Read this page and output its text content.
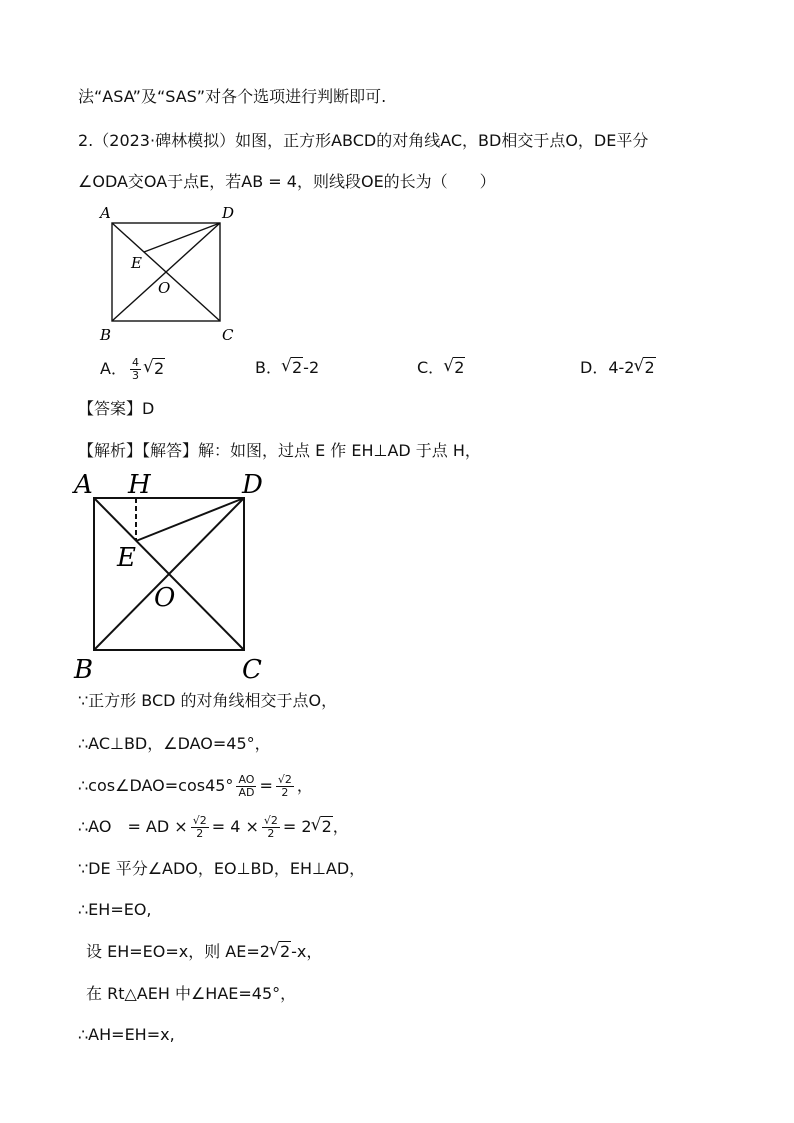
法“ASA”及“SAS”对各个选项进行判断即可.
2.（2023·碑林模拟）如图，正方形ABCD的对角线AC，BD相交于点O，DE平分
∠ODA交OA于点E，若AB = 4，则线段OE的长为（　　）
A	D
E
O
B	C
A． $\frac{4}{3}$
√ 2	B．√ 2-2	C．√ 2	D．4-2√ 2
【答案】D
【解析】【解答】解：如图，过点 E 作 EH⊥AD 于点 H，
A H	D
E
O
B	C
∵正方形 BCD 的对角线相交于点O，
∴AC⊥BD，∠DAO=45°，
∴cos∠DAO=cos45° $\frac{AO}{AD} = \frac{√2}{2}$ ，
∴AO　= AD × $\frac{√2}{2} = 4 \times \frac{√2}{2} = 2√$ 2，
∵DE 平分∠ADO，EO⊥BD，EH⊥AD，
∴EH=EO,
设 EH=EO=x，则 AE=2√ 2-x，
在 Rt△AEH 中∠HAE=45°，
∴AH=EH=x,
